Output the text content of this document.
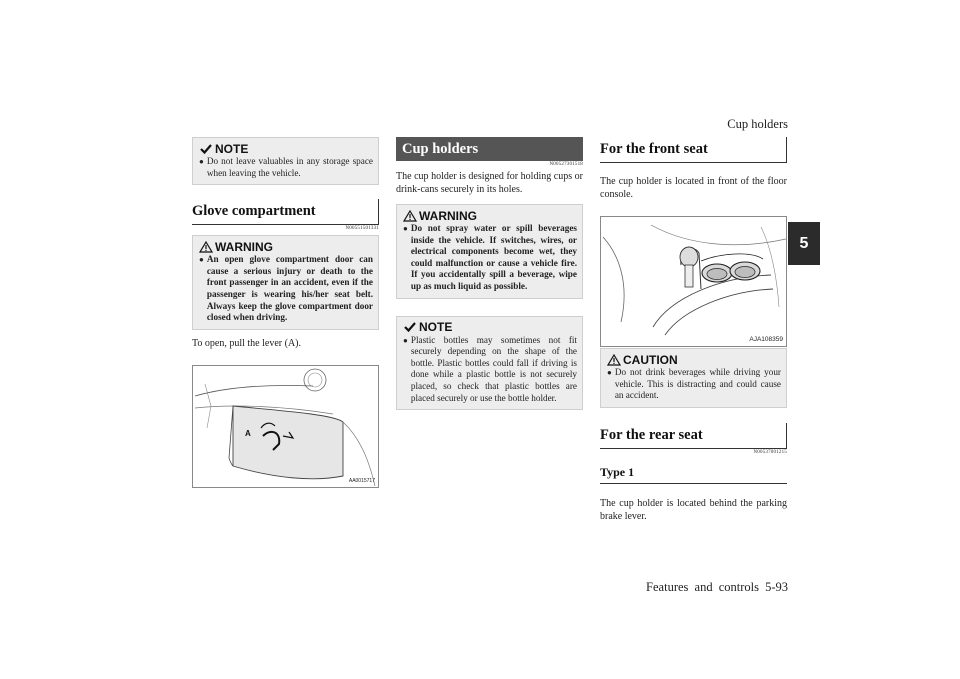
Cup holders
5
NOTE
● Do not leave valuables in any storage space when leaving the vehicle.
Glove compartment
N00551501331
WARNING
● An open glove compartment door can cause a serious injury or death to the front passenger in an accident, even if the passenger is wearing his/her seat belt. Always keep the glove compartment door closed when driving.
To open, pull the lever (A).
A
AA0015717
Cup holders
N00527301518
The cup holder is designed for holding cups or drink-cans securely in its holes.
WARNING
● Do not spray water or spill beverages inside the vehicle. If switches, wires, or electrical components become wet, they could malfunction or cause a vehicle fire. If you accidentally spill a beverage, wipe up as much liquid as possible.
NOTE
● Plastic bottles may sometimes not fit securely depending on the shape of the bottle. Plastic bottles could fall if driving is done while a plastic bottle is not securely placed, so check that plastic bottles are placed securely or use the bottle holder.
For the front seat
The cup holder is located in front of the floor console.
AJA108359
CAUTION
● Do not drink beverages while driving your vehicle. This is distracting and could cause an accident.
For the rear seat
N00537001215
Type 1
The cup holder is located behind the parking brake lever.
Features and controls 5-93
